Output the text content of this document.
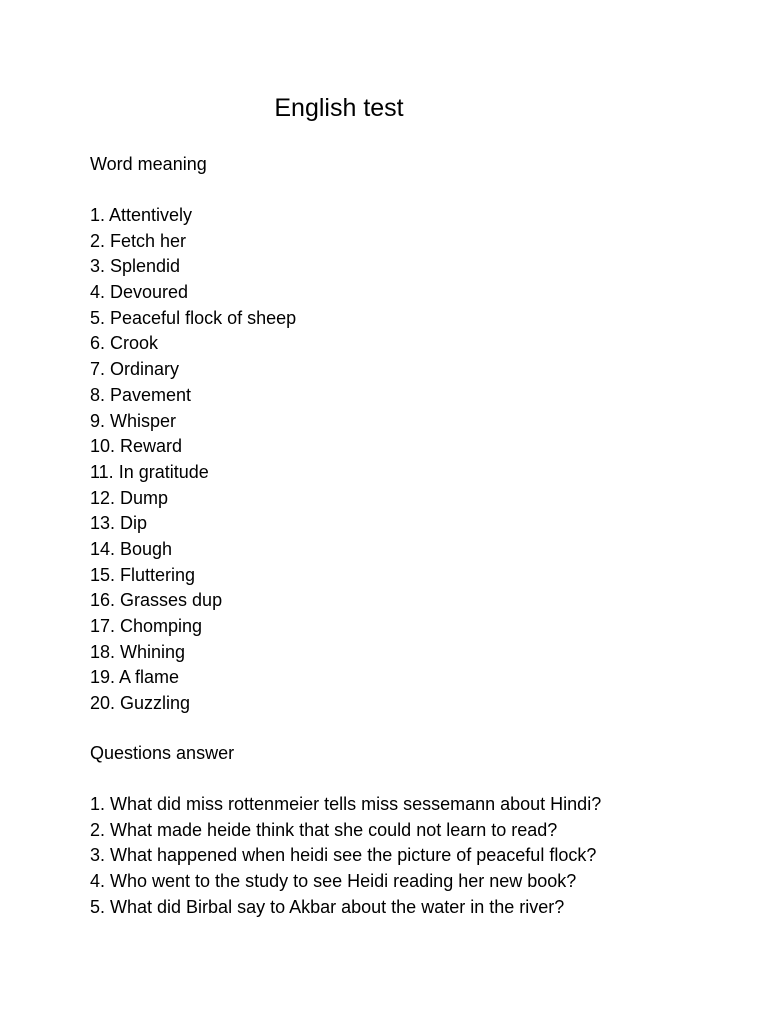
English test
Word meaning
1. Attentively
2. Fetch her
3. Splendid
4. Devoured
5. Peaceful flock of sheep
6. Crook
7. Ordinary
8. Pavement
9. Whisper
10. Reward
11. In gratitude
12. Dump
13. Dip
14. Bough
15. Fluttering
16. Grasses dup
17. Chomping
18. Whining
19. A flame
20. Guzzling
Questions answer
1. What did miss rottenmeier tells miss sessemann about Hindi?
2. What made heide think that she could not learn to read?
3. What happened when heidi see the picture of peaceful flock?
4. Who went to the study to see Heidi reading her new book?
5. What did Birbal say to Akbar about the water in the river?
